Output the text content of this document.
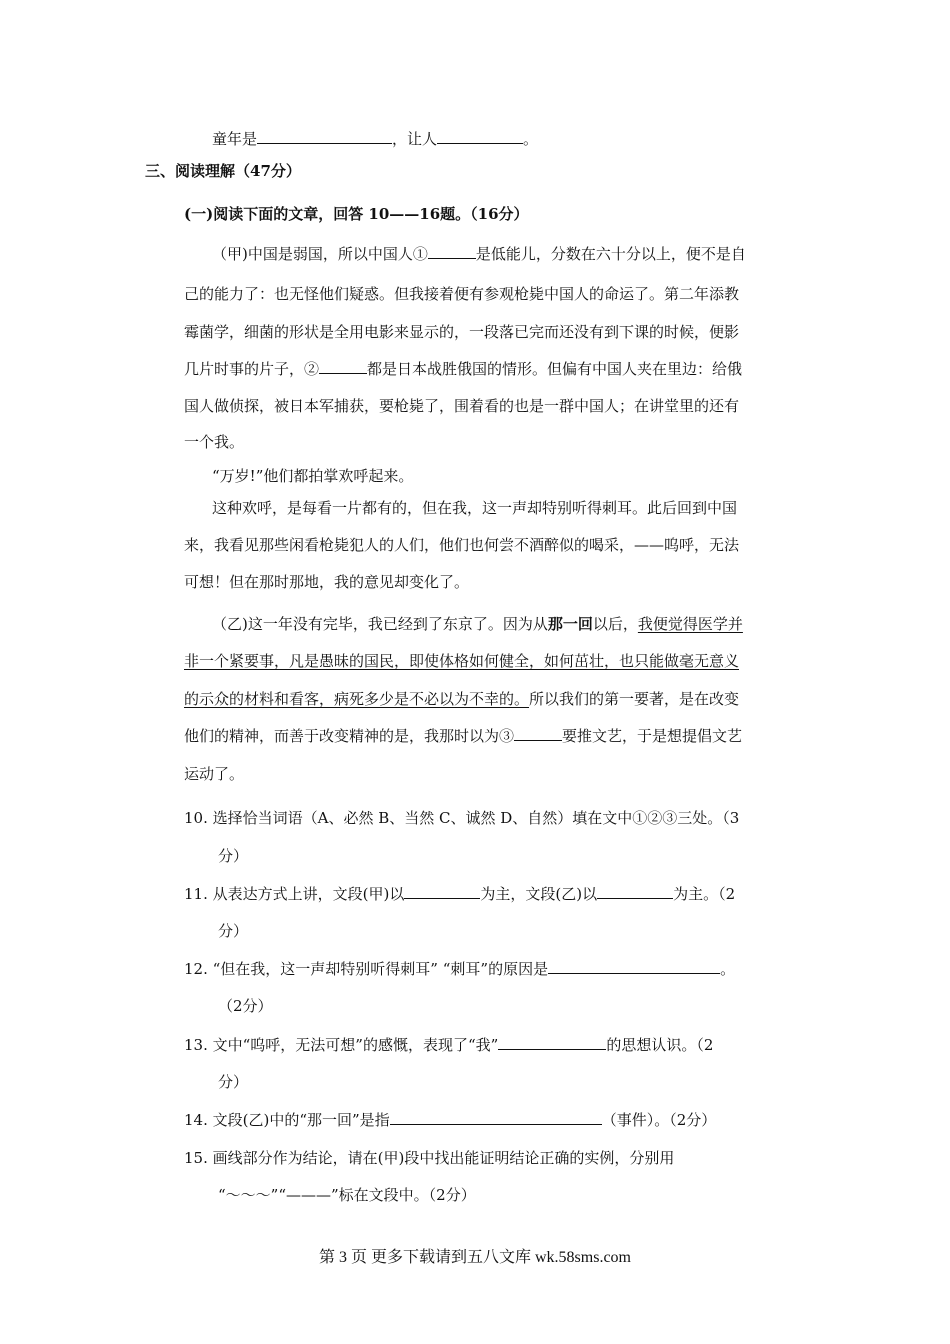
童年是	，让人	。
三、阅读理解（47分）
(一)阅读下面的文章，回答 10——16题。（16分）
（甲)中国是弱国，所以中国人①	是低能儿，分数在六十分以上，便不是自
己的能力了：也无怪他们疑惑。但我接着便有参观枪毙中国人的命运了。第二年添教
霉菌学，细菌的形状是全用电影来显示的，一段落已完而还没有到下课的时候，便影
几片时事的片子，②	都是日本战胜俄国的情形。但偏有中国人夹在里边：给俄
国人做侦探，被日本军捕获，要枪毙了，围着看的也是一群中国人；在讲堂里的还有
一个我。
“万岁!”他们都拍掌欢呼起来。
这种欢呼，是每看一片都有的，但在我，这一声却特别听得刺耳。此后回到中国
来，我看见那些闲看枪毙犯人的人们，他们也何尝不酒醉似的喝采，——呜呼，无法
可想！但在那时那地，我的意见却变化了。
（乙)这一年没有完毕，我已经到了东京了。因为从那一回以后，我便觉得医学并
非一个紧要事，凡是愚昧的国民，即使体格如何健全，如何茁壮，也只能做毫无意义
的示众的材料和看客，病死多少是不必以为不幸的。所以我们的第一要著，是在改变
他们的精神，而善于改变精神的是，我那时以为③	要推文艺，于是想提倡文艺
运动了。
10. 选择恰当词语（A、必然 B、当然 C、诚然 D、自然）填在文中①②③三处。（3
分）
11. 从表达方式上讲，文段(甲)以	为主，文段(乙)以	为主。（2
分）
12. “但在我，这一声却特别听得刺耳” “刺耳”的原因是	。
（2分）
13. 文中“呜呼，无法可想”的感慨，表现了“我”	的思想认识。（2
分）
14. 文段(乙)中的“那一回”是指	（事件）。（2分）
15. 画线部分作为结论，请在(甲)段中找出能证明结论正确的实例，分别用
“～～～”“———”标在文段中。（2分）
第 3 页 更多下载请到五八文库 wk.58sms.com
